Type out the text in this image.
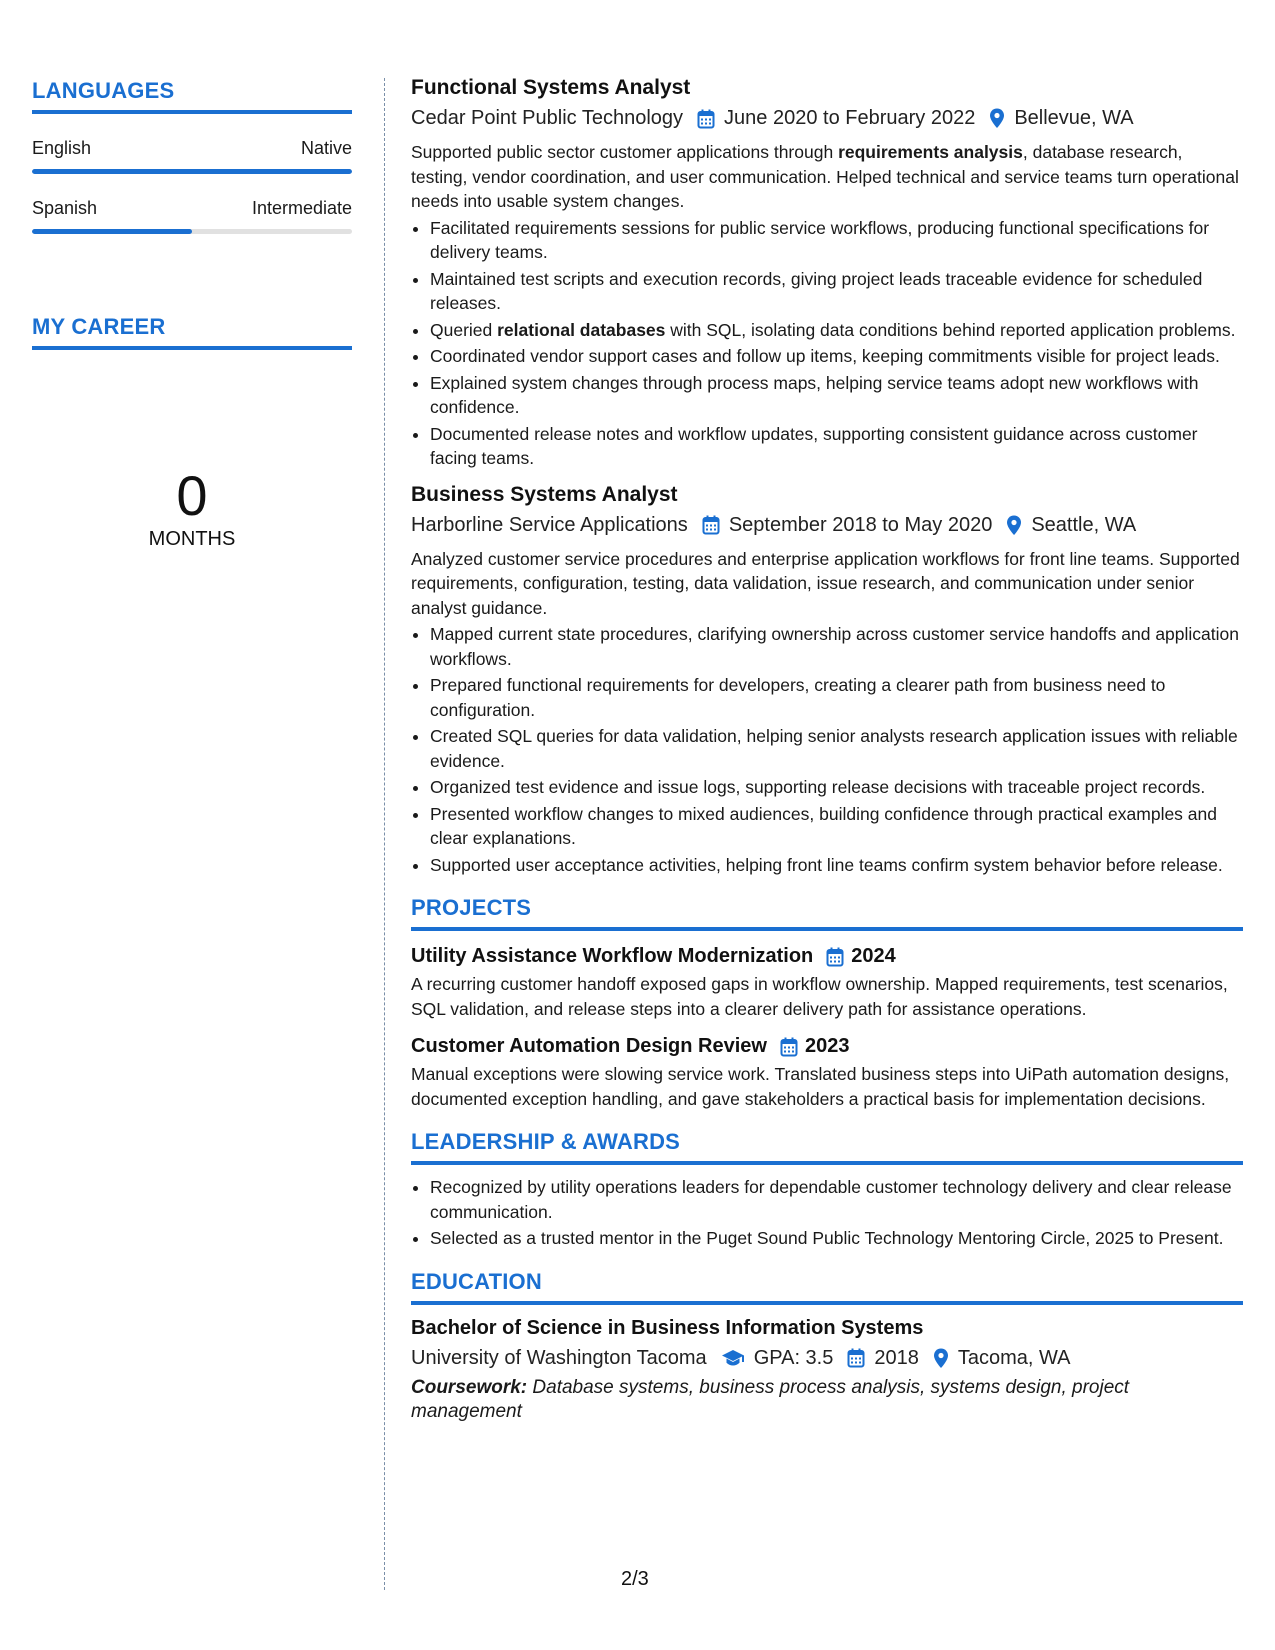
LANGUAGES
English	Native
Spanish	Intermediate
MY CAREER
0
MONTHS
Functional Systems Analyst
Cedar Point Public Technology June 2020 to February 2022 Bellevue, WA
Supported public sector customer applications through requirements analysis, database research, testing, vendor coordination, and user communication. Helped technical and service teams turn operational needs into usable system changes.
• Facilitated requirements sessions for public service workflows, producing functional specifications for delivery teams.
• Maintained test scripts and execution records, giving project leads traceable evidence for scheduled releases.
• Queried relational databases with SQL, isolating data conditions behind reported application problems.
• Coordinated vendor support cases and follow up items, keeping commitments visible for project leads.
• Explained system changes through process maps, helping service teams adopt new workflows with confidence.
• Documented release notes and workflow updates, supporting consistent guidance across customer facing teams.
Business Systems Analyst
Harborline Service Applications September 2018 to May 2020 Seattle, WA
Analyzed customer service procedures and enterprise application workflows for front line teams. Supported requirements, configuration, testing, data validation, issue research, and communication under senior analyst guidance.
• Mapped current state procedures, clarifying ownership across customer service handoffs and application workflows.
• Prepared functional requirements for developers, creating a clearer path from business need to configuration.
• Created SQL queries for data validation, helping senior analysts research application issues with reliable evidence.
• Organized test evidence and issue logs, supporting release decisions with traceable project records.
• Presented workflow changes to mixed audiences, building confidence through practical examples and clear explanations.
• Supported user acceptance activities, helping front line teams confirm system behavior before release.
PROJECTS
Utility Assistance Workflow Modernization 2024
A recurring customer handoff exposed gaps in workflow ownership. Mapped requirements, test scenarios, SQL validation, and release steps into a clearer delivery path for assistance operations.
Customer Automation Design Review 2023
Manual exceptions were slowing service work. Translated business steps into UiPath automation designs, documented exception handling, and gave stakeholders a practical basis for implementation decisions.
LEADERSHIP & AWARDS
• Recognized by utility operations leaders for dependable customer technology delivery and clear release communication.
• Selected as a trusted mentor in the Puget Sound Public Technology Mentoring Circle, 2025 to Present.
EDUCATION
Bachelor of Science in Business Information Systems
University of Washington Tacoma GPA: 3.5 2018 Tacoma, WA
Coursework: Database systems, business process analysis, systems design, project management
2/3
